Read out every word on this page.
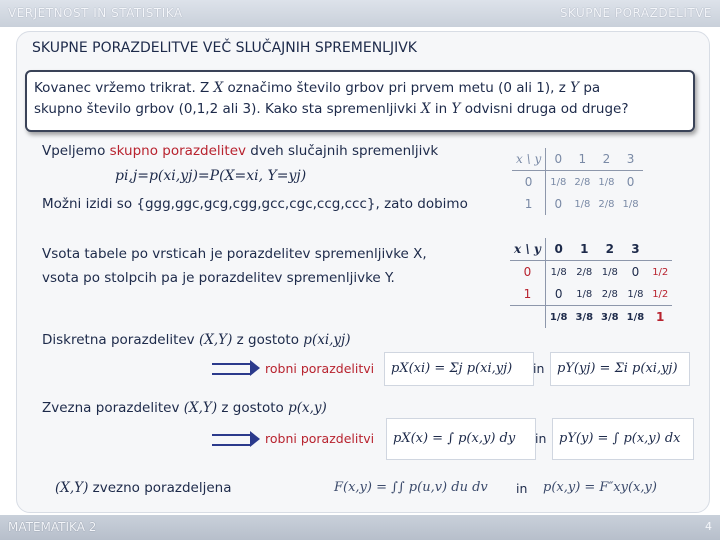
VERJETNOST IN STATISTIKA	SKUPNE PORAZDELITVE
SKUPNE PORAZDELITVE VEČ SLUČAJNIH SPREMENLJIVK
Kovanec vržemo trikrat. Z X označimo število grbov pri prvem metu (0 ali 1), z Y pa
skupno število grbov (0,1,2 ali 3). Kako sta spremenljivki X in Y odvisni druga od druge?
Vpeljemo skupno porazdelitev dveh slučajnih spremenljivk
pi,j=p(xi,yj)=P(X=xi, Y=yj)
Možni izidi so {ggg,ggc,gcg,cgg,gcc,cgc,ccg,ccc}, zato dobimo
x \ y	0	1	2	3
0	1/8	2/8	1/8	0
1	0	1/8	2/8	1/8
Vsota tabele po vrsticah je porazdelitev spremenljivke X,
vsota po stolpcih pa je porazdelitev spremenljivke Y.
x \ y	0	1	2	3	
0	1/8	2/8	1/8	0	1/2
1	0	1/8	2/8	1/8	1/2
	1/8	3/8	3/8	1/8	1
Diskretna porazdelitev (X,Y) z gostoto p(xi,yj)
robni porazdelitvi	pX(xi) = Σj p(xi,yj)	in pY(yj) = Σi p(xi,yj)
Zvezna porazdelitev (X,Y) z gostoto p(x,y)
robni porazdelitvi	pX(x) = ∫ p(x,y) dy	in pY(y) = ∫ p(x,y) dx
(X,Y) zvezno porazdeljena	F(x,y) = ∫∫ p(u,v) du dv in p(x,y) = F″xy(x,y)
MATEMATIKA 2	4
